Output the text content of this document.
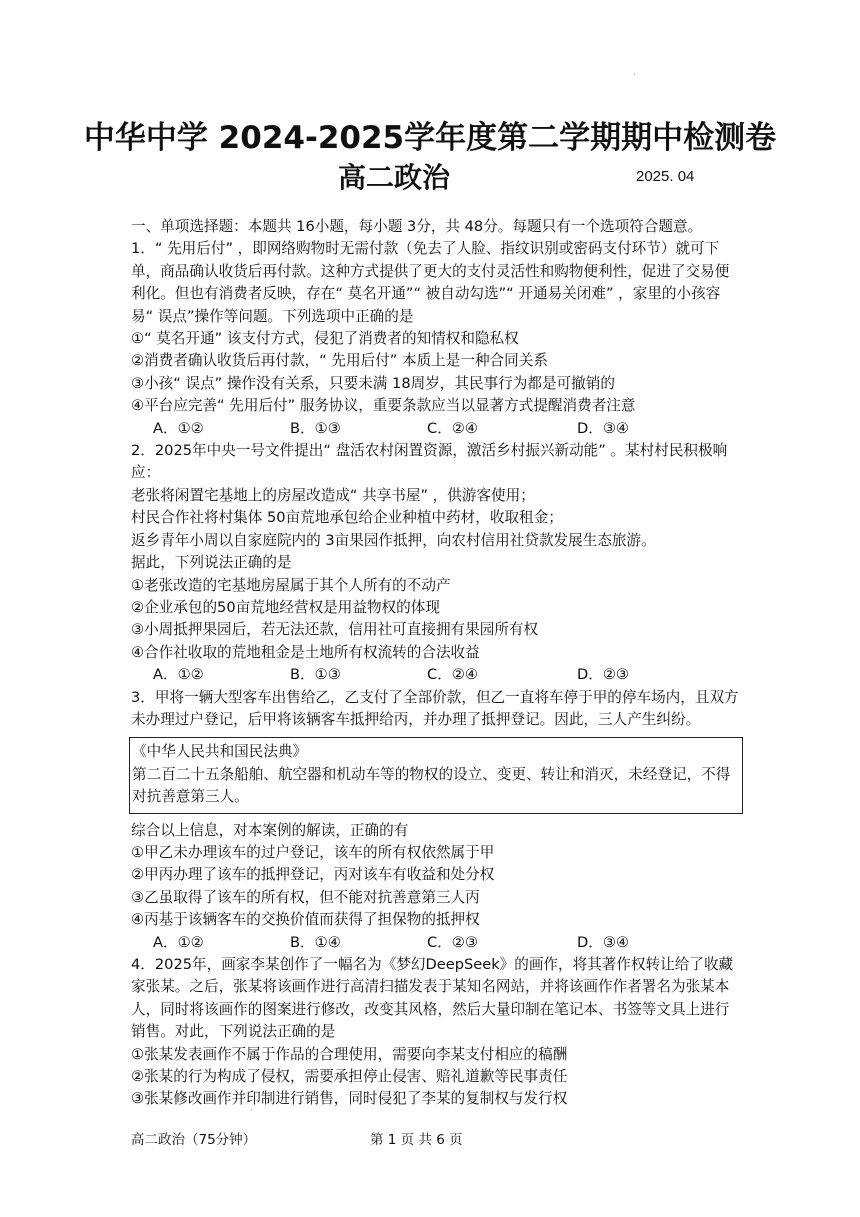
·
中华中学 2024-2025学年度第二学期期中检测卷
高二政治	2025. 04

一、单项选择题：本题共 16小题，每小题 3分，共 48分。每题只有一个选项符合题意。

1．“ 先用后付” ，即网络购物时无需付款（免去了人脸、指纹识别或密码支付环节）就可下单，商品确认收货后再付款。这种方式提供了更大的支付灵活性和购物便利性，促进了交易便利化。但也有消费者反映，存在“ 莫名开通”“ 被自动勾选”“ 开通易关闭难” ，家里的小孩容易“ 误点”操作等问题。下列选项中正确的是

①“ 莫名开通” 该支付方式，侵犯了消费者的知情权和隐私权

②消费者确认收货后再付款，“ 先用后付” 本质上是一种合同关系

③小孩“ 误点” 操作没有关系，只要未满 18周岁，其民事行为都是可撤销的

④平台应完善“ 先用后付” 服务协议，重要条款应当以显著方式提醒消费者注意

A．①②	B．①③	C．②④	D．③④

2．2025年中央一号文件提出“ 盘活农村闲置资源，激活乡村振兴新动能” 。某村村民积极响应：

老张将闲置宅基地上的房屋改造成“ 共享书屋” ，供游客使用；

村民合作社将村集体 50亩荒地承包给企业种植中药材，收取租金；

返乡青年小周以自家庭院内的 3亩果园作抵押，向农村信用社贷款发展生态旅游。

据此，下列说法正确的是

①老张改造的宅基地房屋属于其个人所有的不动产

②企业承包的50亩荒地经营权是用益物权的体现

③小周抵押果园后，若无法还款，信用社可直接拥有果园所有权

④合作社收取的荒地租金是土地所有权流转的合法收益

A．①②	B．①③	C．②④	D．②③

3．甲将一辆大型客车出售给乙，乙支付了全部价款，但乙一直将车停于甲的停车场内，且双方未办理过户登记，后甲将该辆客车抵押给丙，并办理了抵押登记。因此，三人产生纠纷。

《中华人民共和国民法典》

第二百二十五条船舶、航空器和机动车等的物权的设立、变更、转让和消灭，未经登记，不得对抗善意第三人。

综合以上信息，对本案例的解读，正确的有

①甲乙未办理该车的过户登记，该车的所有权依然属于甲

②甲丙办理了该车的抵押登记，丙对该车有收益和处分权

③乙虽取得了该车的所有权，但不能对抗善意第三人丙

④丙基于该辆客车的交换价值而获得了担保物的抵押权

A．①②	B．①④	C．②③	D．③④

4．2025年，画家李某创作了一幅名为《梦幻DeepSeek》的画作，将其著作权转让给了收藏家张某。之后，张某将该画作进行高清扫描发表于某知名网站，并将该画作作者署名为张某本人，同时将该画作的图案进行修改，改变其风格，然后大量印制在笔记本、书签等文具上进行销售。对此，下列说法正确的是

①张某发表画作不属于作品的合理使用，需要向李某支付相应的稿酬

②张某的行为构成了侵权，需要承担停止侵害、赔礼道歉等民事责任

③张某修改画作并印制进行销售，同时侵犯了李某的复制权与发行权

·
高二政治（75分钟）	第 1 页 共 6 页
